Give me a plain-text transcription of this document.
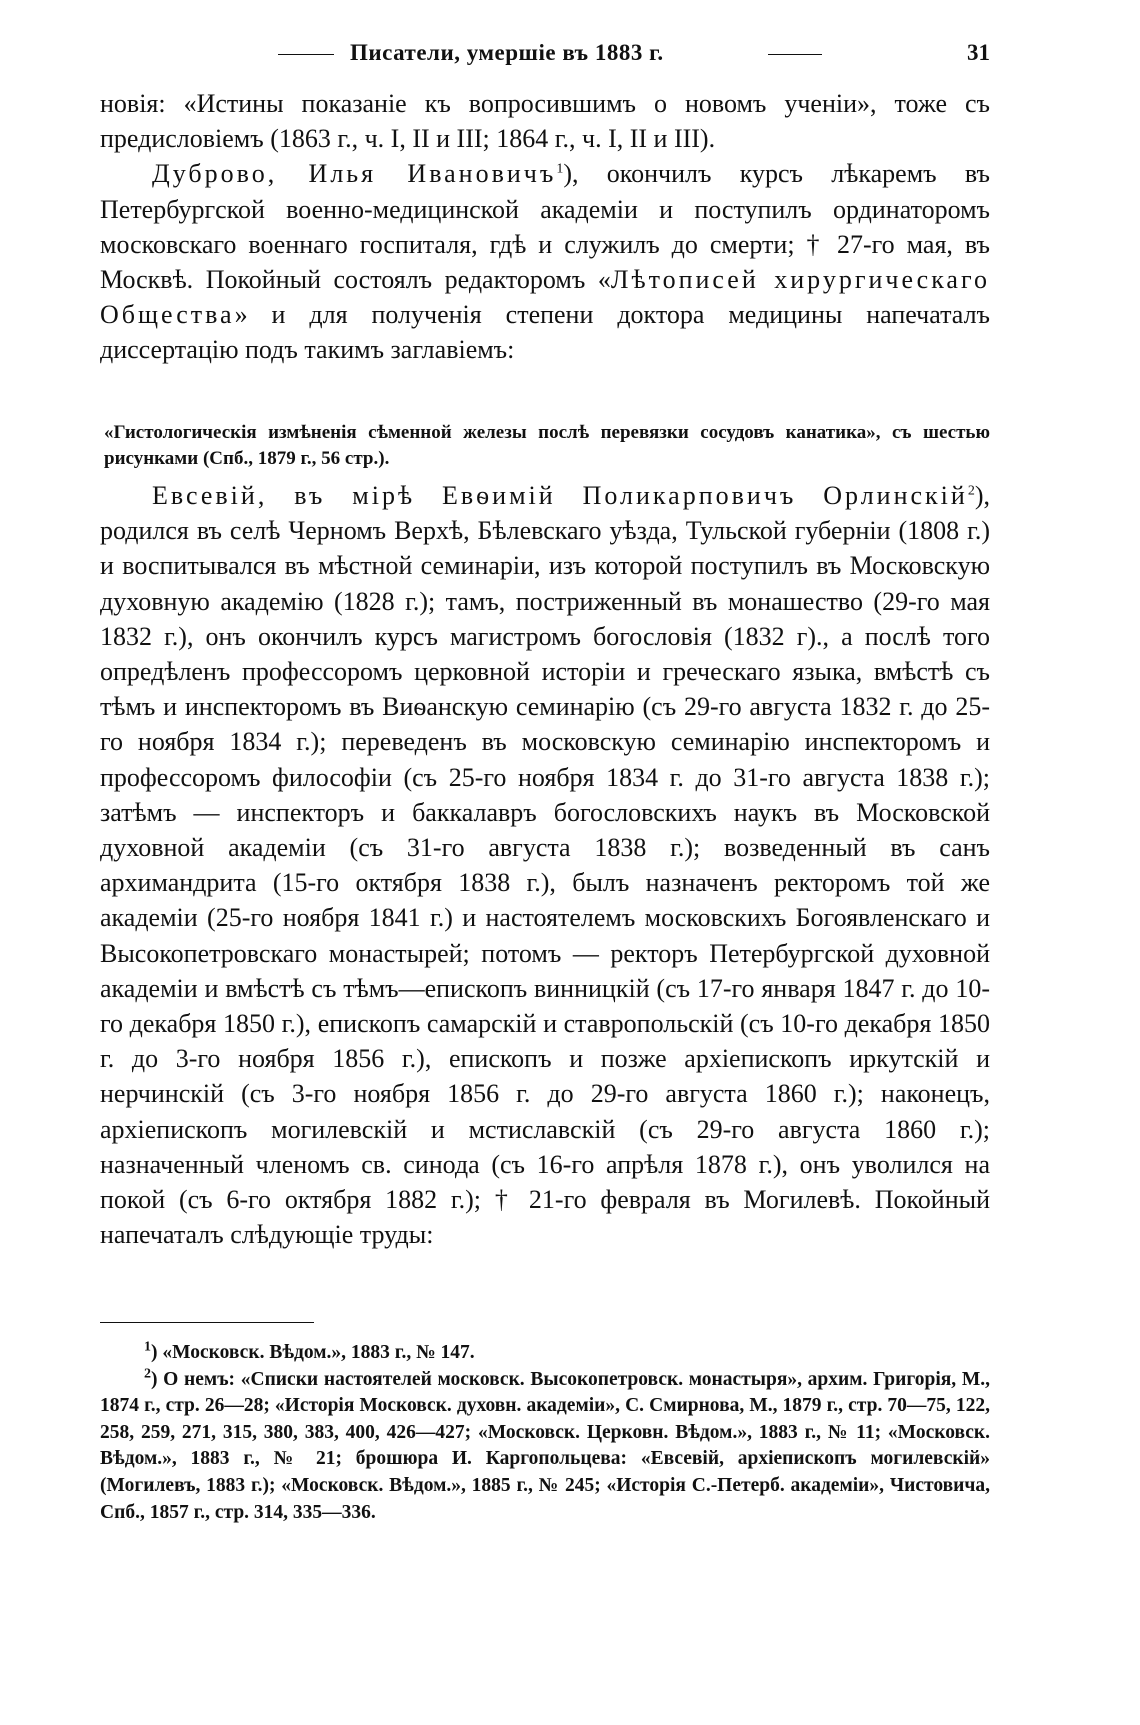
Писатели, умершіе въ 1883 г.	31
новія: «Истины показаніе къ вопросившимъ о новомъ ученіи», тоже съ предисловіемъ (1863 г., ч. I, II и III; 1864 г., ч. I, II и III).
Дуброво, Илья Ивановичъ$^1$), окончилъ курсъ лѣкаремъ въ Петербургской военно-медицинской академіи и поступилъ ординаторомъ московскаго военнаго госпиталя, гдѣ и служилъ до смерти; † 27-го мая, въ Москвѣ. Покойный состоялъ редакторомъ «Лѣтописей хирургическаго Общества» и для полученія степени доктора медицины напечаталъ диссертацію подъ такимъ заглавіемъ:
«Гистологическія измѣненія сѣменной железы послѣ перевязки сосудовъ канатика», съ шестью рисунками (Спб., 1879 г., 56 стр.).
Евсевій, въ мірѣ Евѳимій Поликарповичъ Орлинскій$^2$), родился въ селѣ Черномъ Верхѣ, Бѣлевскаго уѣзда, Тульской губерніи (1808 г.) и воспитывался въ мѣстной семинаріи, изъ которой поступилъ въ Московскую духовную академію (1828 г.); тамъ, постриженный въ монашество (29-го мая 1832 г.), онъ окончилъ курсъ магистромъ богословія (1832 г)., а послѣ того опредѣленъ профессоромъ церковной исторіи и греческаго языка, вмѣстѣ съ тѣмъ и инспекторомъ въ Виѳанскую семинарію (съ 29-го августа 1832 г. до 25-го ноября 1834 г.); переведенъ въ московскую семинарію инспекторомъ и профессоромъ философіи (съ 25-го ноября 1834 г. до 31-го августа 1838 г.); затѣмъ — инспекторъ и баккалавръ богословскихъ наукъ въ Московской духовной академіи (съ 31-го августа 1838 г.); возведенный въ санъ архимандрита (15-го октября 1838 г.), былъ назначенъ ректоромъ той же академіи (25-го ноября 1841 г.) и настоятелемъ московскихъ Богоявленскаго и Высокопетровскаго монастырей; потомъ — ректоръ Петербургской духовной академіи и вмѣстѣ съ тѣмъ—епископъ винницкій (съ 17-го января 1847 г. до 10-го декабря 1850 г.), епископъ самарскій и ставропольскій (съ 10-го декабря 1850 г. до 3-го ноября 1856 г.), епископъ и позже архіепископъ иркутскій и нерчинскій (съ 3-го ноября 1856 г. до 29-го августа 1860 г.); наконецъ, архіепископъ могилевскій и мстиславскій (съ 29-го августа 1860 г.); назначенный членомъ св. синода (съ 16-го апрѣля 1878 г.), онъ уволился на покой (съ 6-го октября 1882 г.); † 21-го февраля въ Могилевѣ. Покойный напечаталъ слѣдующіе труды:

$^1$) «Московск. Вѣдом.», 1883 г., № 147.

$^2$) О немъ: «Списки настоятелей московск. Высокопетровск. монастыря», архим. Григорія, М., 1874 г., стр. 26—28; «Исторія Московск. духовн. академіи», С. Смирнова, М., 1879 г., стр. 70—75, 122, 258, 259, 271, 315, 380, 383, 400, 426—427; «Московск. Церковн. Вѣдом.», 1883 г., № 11; «Московск. Вѣдом.», 1883 г., № 21; брошюра И. Каргопольцева: «Евсевій, архіепископъ могилевскій» (Могилевъ, 1883 г.); «Московск. Вѣдом.», 1885 г., № 245; «Исторія С.-Петерб. академіи», Чистовича, Спб., 1857 г., стр. 314, 335—336.
